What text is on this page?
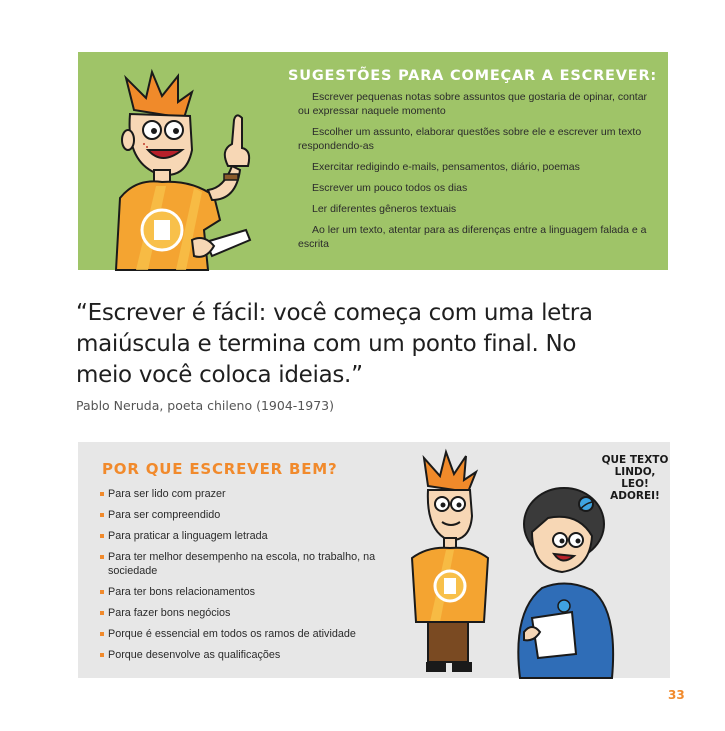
SUGESTÕES PARA COMEÇAR A ESCREVER:
Escrever pequenas notas sobre assuntos que gostaria de opinar, contar ou expressar naquele momento
Escolher um assunto, elaborar questões sobre ele e escrever um texto respondendo-as
Exercitar redigindo e-mails, pensamentos, diário, poemas
Escrever um pouco todos os dias
Ler diferentes gêneros textuais
Ao ler um texto, atentar para as diferenças entre a linguagem falada e a escrita
“Escrever é fácil: você começa com uma letra maiúscula e termina com um ponto final. No meio você coloca ideias.”
Pablo Neruda, poeta chileno (1904-1973)
POR QUE ESCREVER BEM?
Para ser lido com prazer
Para ser compreendido
Para praticar a linguagem letrada
Para ter melhor desempenho na escola, no trabalho, na sociedade
Para ter bons relacionamentos
Para fazer bons negócios
Porque é essencial em todos os ramos de atividade
Porque desenvolve as qualificações
QUE TEXTO LINDO, LEO! ADOREI!
33
